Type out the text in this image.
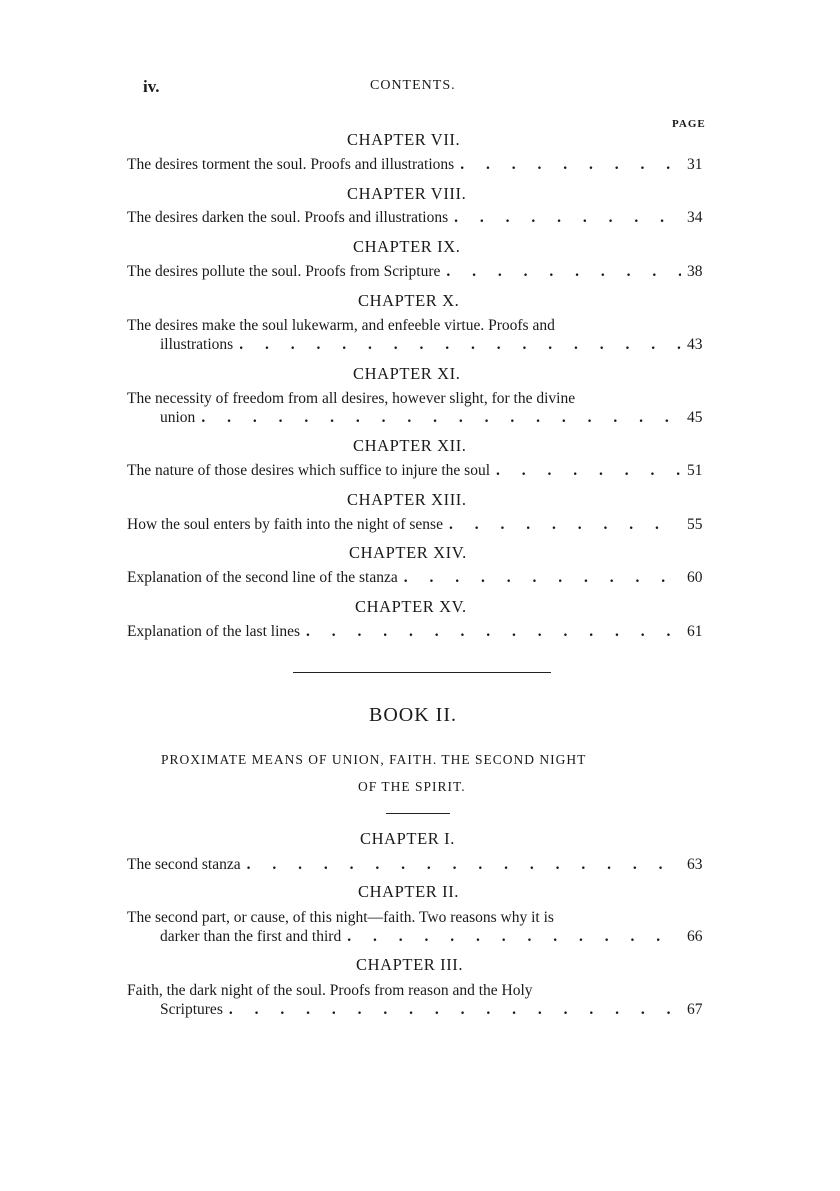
iv.	CONTENTS.
PAGE
CHAPTER VII.
The desires torment the soul. Proofs and illustrations . . .	31
CHAPTER VIII.
The desires darken the soul. Proofs and illustrations . . .	34
CHAPTER IX.
The desires pollute the soul. Proofs from Scripture . . .	38
CHAPTER X.
The desires make the soul lukewarm, and enfeeble virtue. Proofs and
illustrations . . .	43
CHAPTER XI.
The necessity of freedom from all desires, however slight, for the divine
union . . .	45
CHAPTER XII.
The nature of those desires which suffice to injure the soul . . .	51
CHAPTER XIII.
How the soul enters by faith into the night of sense . . .	55
CHAPTER XIV.
Explanation of the second line of the stanza . . .	60
CHAPTER XV.
Explanation of the last lines . . .	61
BOOK II.
PROXIMATE MEANS OF UNION, FAITH. THE SECOND NIGHT
OF THE SPIRIT.
CHAPTER I.
The second stanza . . .	63
CHAPTER II.
The second part, or cause, of this night—faith. Two reasons why it is
darker than the first and third . . .	66
CHAPTER III.
Faith, the dark night of the soul. Proofs from reason and the Holy
Scriptures . . .	67
